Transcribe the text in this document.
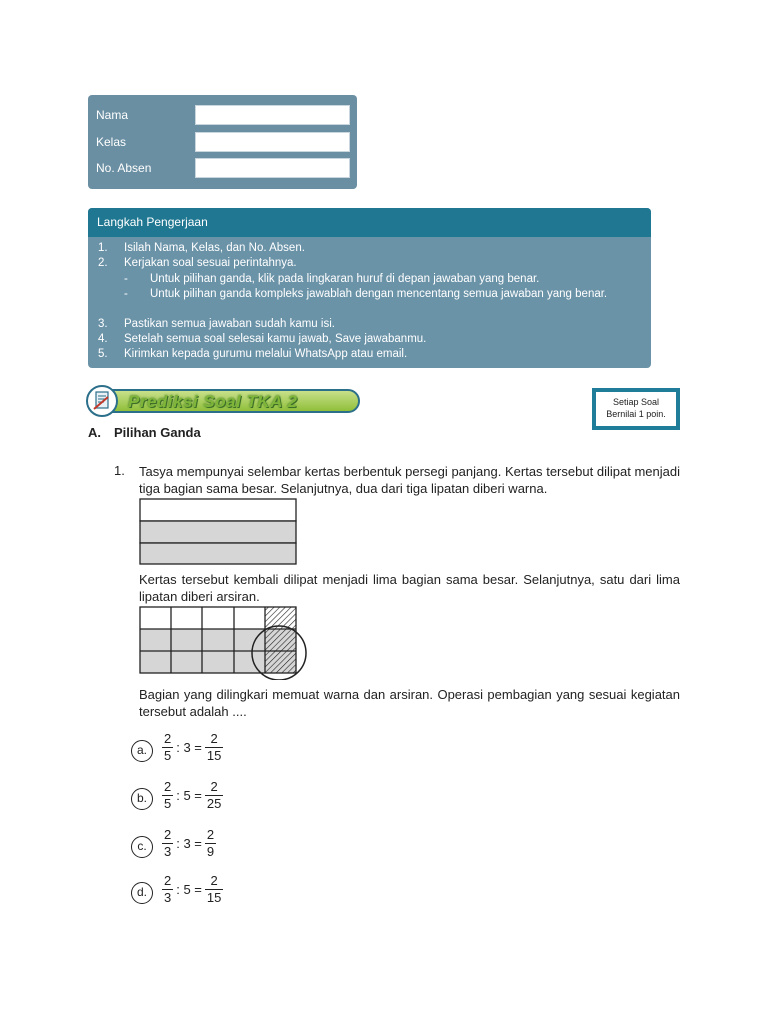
Nama
Kelas
No. Absen
Langkah Pengerjaan
1. Isilah Nama, Kelas, dan No. Absen.
2. Kerjakan soal sesuai perintahnya.
- Untuk pilihan ganda, klik pada lingkaran huruf di depan jawaban yang benar.
- Untuk pilihan ganda kompleks jawablah dengan mencentang semua jawaban yang benar.
3. Pastikan semua jawaban sudah kamu isi.
4. Setelah semua soal selesai kamu jawab, Save jawabanmu.
5. Kirimkan kepada gurumu melalui WhatsApp atau email.
Prediksi Soal TKA 2	Setiap Soal
Bernilai 1 poin.
A. Pilihan Ganda
1. Tasya mempunyai selembar kertas berbentuk persegi panjang. Kertas tersebut dilipat menjadi tiga bagian sama besar. Selanjutnya, dua dari tiga lipatan diberi warna.
Kertas tersebut kembali dilipat menjadi lima bagian sama besar. Selanjutnya, satu dari lima lipatan diberi arsiran.
Bagian yang dilingkari memuat warna dan arsiran. Operasi pembagian yang sesuai kegiatan tersebut adalah ....
a.	$\frac{2}{5}$ : $3 = \frac{2}{15}$
b.	$\frac{2}{5}$ : $5 = \frac{2}{25}$
c.	$\frac{2}{3}$ : $3 = \frac{2}{9}$
d.	$\frac{2}{3}$ : $5 = \frac{2}{15}$
